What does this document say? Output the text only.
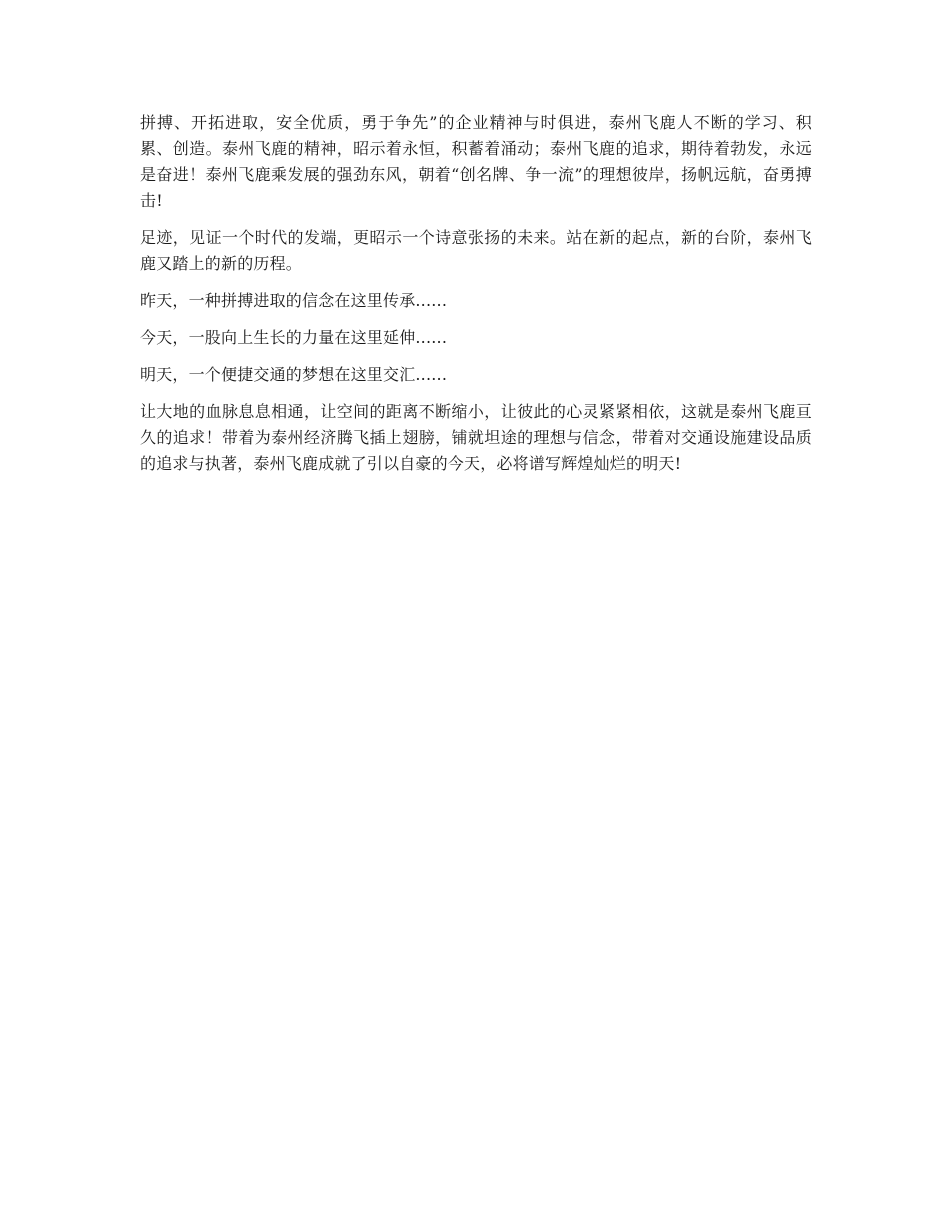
拼搏、开拓进取，安全优质，勇于争先”的企业精神与时俱进，泰州飞鹿人不断的学习、积累、创造。泰州飞鹿的精神，昭示着永恒，积蓄着涌动；泰州飞鹿的追求，期待着勃发，永远是奋进！泰州飞鹿乘发展的强劲东风，朝着“创名牌、争一流”的理想彼岸，扬帆远航，奋勇搏击!

足迹，见证一个时代的发端，更昭示一个诗意张扬的未来。站在新的起点，新的台阶，泰州飞鹿又踏上的新的历程。

昨天，一种拼搏进取的信念在这里传承......

今天，一股向上生长的力量在这里延伸......

明天，一个便捷交通的梦想在这里交汇......

让大地的血脉息息相通，让空间的距离不断缩小，让彼此的心灵紧紧相依，这就是泰州飞鹿亘久的追求！带着为泰州经济腾飞插上翅膀，铺就坦途的理想与信念，带着对交通设施建设品质的追求与执著，泰州飞鹿成就了引以自豪的今天，必将谱写辉煌灿烂的明天!
